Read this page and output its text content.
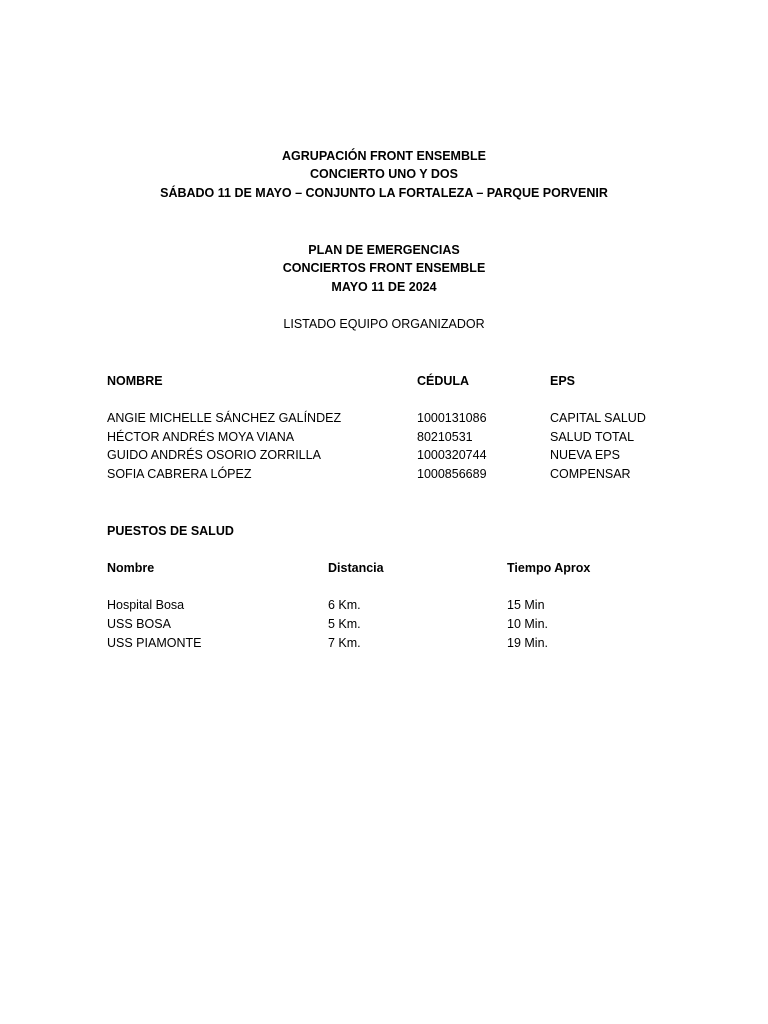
AGRUPACIÓN FRONT ENSEMBLE
CONCIERTO UNO Y DOS
SÁBADO 11 DE MAYO – CONJUNTO LA FORTALEZA – PARQUE PORVENIR
PLAN DE EMERGENCIAS
CONCIERTOS FRONT ENSEMBLE
MAYO 11 DE 2024
LISTADO EQUIPO ORGANIZADOR
NOMBRE	CÉDULA	EPS
ANGIE MICHELLE SÁNCHEZ GALÍNDEZ	1000131086	CAPITAL SALUD
HÉCTOR ANDRÉS MOYA VIANA	80210531	SALUD TOTAL
GUIDO ANDRÉS OSORIO ZORRILLA	1000320744	NUEVA EPS
SOFIA CABRERA LÓPEZ	1000856689	COMPENSAR
PUESTOS DE SALUD
Nombre	Distancia	Tiempo Aprox
Hospital Bosa	6 Km.	15 Min
USS BOSA	5 Km.	10 Min.
USS PIAMONTE	7 Km.	19 Min.
